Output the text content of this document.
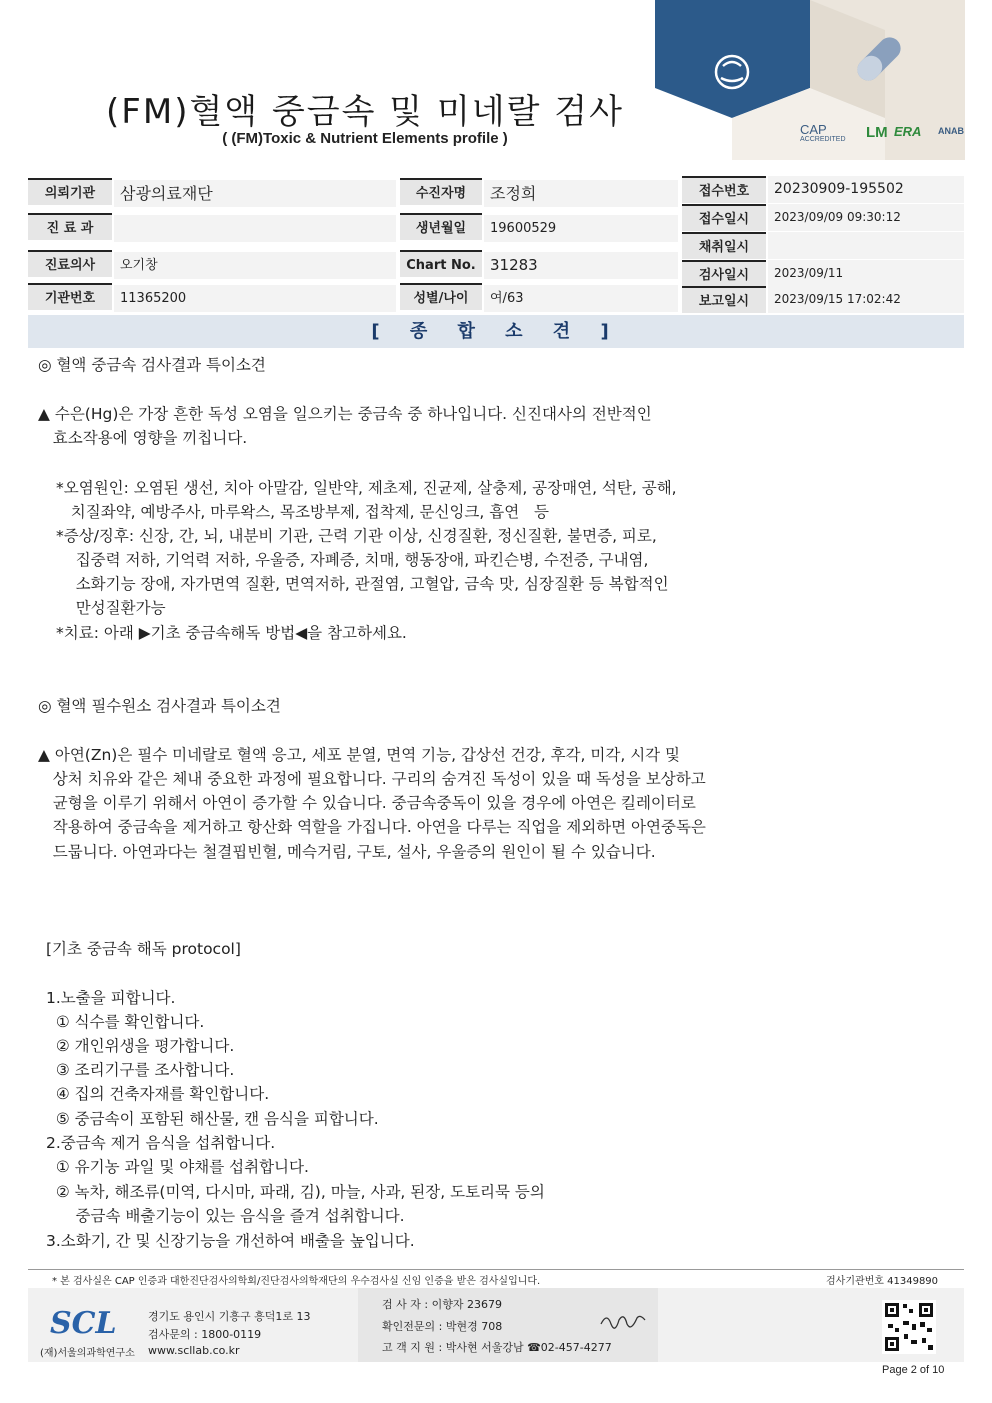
(FM)혈액 중금속 및 미네랄 검사
( (FM)Toxic & Nutrient Elements profile )
CAP
ACCREDITED LM ERA ANAB
의뢰기관	삼광의료재단
진 료 과
진료의사	오기창
기관번호	11365200
수진자명	조정희
생년월일	19600529
Chart No. 31283
성별/나이	여/63
접수번호	20230909-195502
접수일시	2023/09/09 09:30:12
채취일시
검사일시	2023/09/11
보고일시	2023/09/15 17:02:42
[ 종 합 소 견 ]
◎ 혈액 중금속 검사결과 특이소견
▲ 수은(Hg)은 가장 흔한 독성 오염을 일으키는 중금속 중 하나입니다. 신진대사의 전반적인
효소작용에 영향을 끼칩니다.
*오염원인: 오염된 생선, 치아 아말감, 일반약, 제초제, 진균제, 살충제, 공장매연, 석탄, 공해,
치질좌약, 예방주사, 마루왁스, 목조방부제, 접착제, 문신잉크, 흡연   등
*증상/징후: 신장, 간, 뇌, 내분비 기관, 근력 기관 이상, 신경질환, 정신질환, 불면증, 피로,
집중력 저하, 기억력 저하, 우울증, 자폐증, 치매, 행동장애, 파킨슨병, 수전증, 구내염,
소화기능 장애, 자가면역 질환, 면역저하, 관절염, 고혈압, 금속 맛, 심장질환 등 복합적인
만성질환가능
*치료: 아래 ▶기초 중금속해독 방법◀을 참고하세요.
◎ 혈액 필수원소 검사결과 특이소견
▲ 아연(Zn)은 필수 미네랄로 혈액 응고, 세포 분열, 면역 기능, 갑상선 건강, 후각, 미각, 시각 및
상처 치유와 같은 체내 중요한 과정에 필요합니다. 구리의 숨겨진 독성이 있을 때 독성을 보상하고
균형을 이루기 위해서 아연이 증가할 수 있습니다. 중금속중독이 있을 경우에 아연은 킬레이터로
작용하여 중금속을 제거하고 항산화 역할을 가집니다. 아연을 다루는 직업을 제외하면 아연중독은
드뭅니다. 아연과다는 철결핍빈혈, 메슥거림, 구토, 설사, 우울증의 원인이 될 수 있습니다.
[기초 중금속 해독 protocol]
1.노출을 피합니다.
① 식수를 확인합니다.
② 개인위생을 평가합니다.
③ 조리기구를 조사합니다.
④ 집의 건축자재를 확인합니다.
⑤ 중금속이 포함된 해산물, 캔 음식을 피합니다.
2.중금속 제거 음식을 섭취합니다.
① 유기농 과일 및 야채를 섭취합니다.
② 녹차, 해조류(미역, 다시마, 파래, 김), 마늘, 사과, 된장, 도토리묵 등의
중금속 배출기능이 있는 음식을 즐겨 섭취합니다.
3.소화기, 간 및 신장기능을 개선하여 배출을 높입니다.
* 본 검사실은 CAP 인증과 대한진단검사의학회/진단검사의학재단의 우수검사실 신임 인증을 받은 검사실입니다.	검사기관번호 41349890
SCL
(재)서울의과학연구소
경기도 용인시 기흥구 흥덕1로 13
검사문의 : 1800-0119
www.scllab.co.kr
검 사 자 : 이향자 23679
확인전문의 : 박현경 708
고 객 지 원 : 박사현 서울강남 ☎02-457-4277
Page 2 of 10
